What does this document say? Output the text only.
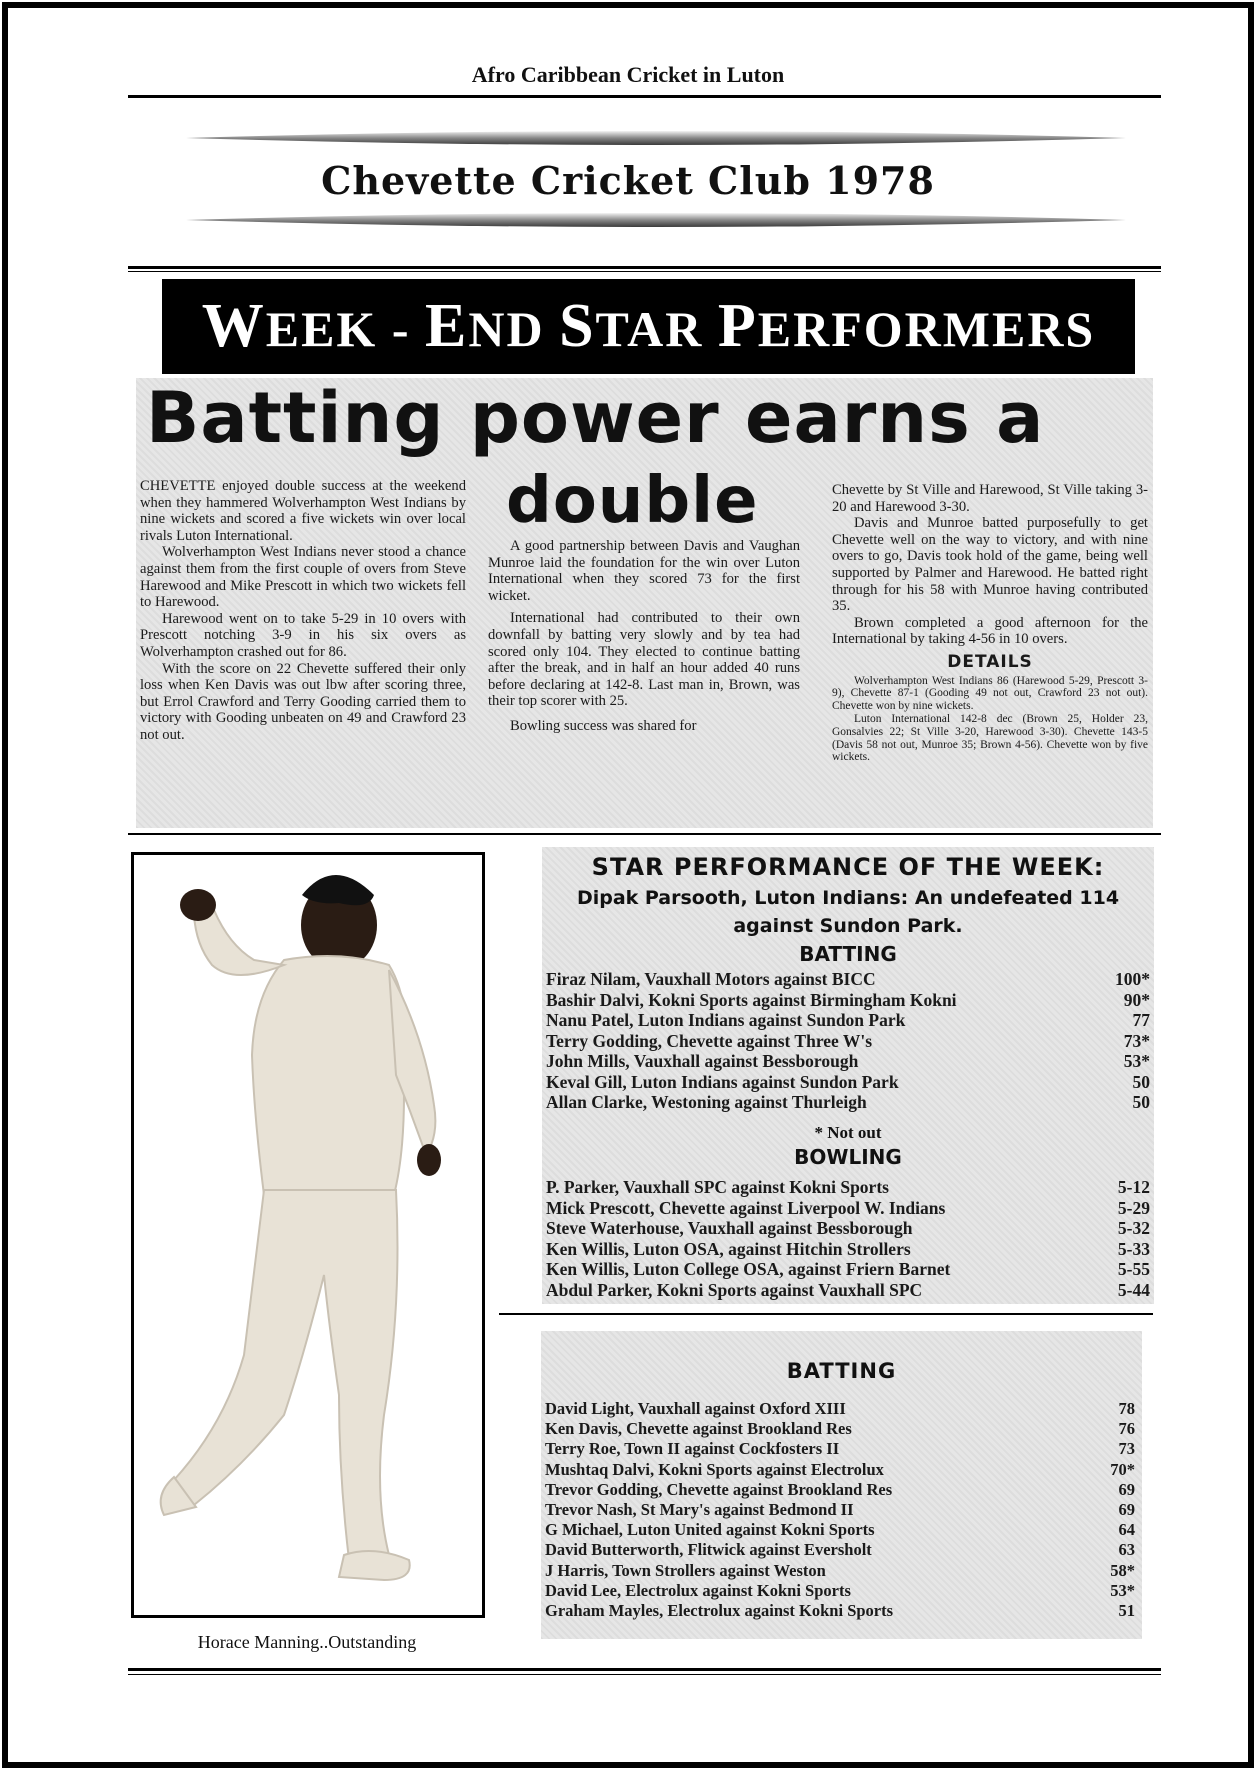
Afro Caribbean Cricket in Luton
Chevette Cricket Club 1978
WEEK - END STAR PERFORMERS
Batting power earns a
double

CHEVETTE enjoyed double success at the weekend when they hammered Wolverhampton West Indians by nine wickets and scored a five wickets win over local rivals Luton International.

Wolverhampton West Indians never stood a chance against them from the first couple of overs from Steve Harewood and Mike Prescott in which two wickets fell to Harewood.

Harewood went on to take 5-29 in 10 overs with Prescott notching 3-9 in his six overs as Wolverhampton crashed out for 86.

With the score on 22 Chevette suffered their only loss when Ken Davis was out lbw after scoring three, but Errol Crawford and Terry Gooding carried them to victory with Gooding unbeaten on 49 and Crawford 23 not out.

A good partnership between Davis and Vaughan Munroe laid the foundation for the win over Luton International when they scored 73 for the first wicket.

International had contributed to their own downfall by batting very slowly and by tea had scored only 104. They elected to continue batting after the break, and in half an hour added 40 runs before declaring at 142-8. Last man in, Brown, was their top scorer with 25.

Bowling success was shared for

Chevette by St Ville and Harewood, St Ville taking 3-20 and Harewood 3-30.

Davis and Munroe batted purposefully to get Chevette well on the way to victory, and with nine overs to go, Davis took hold of the game, being well supported by Palmer and Harewood. He batted right through for his 58 with Munroe having contributed 35.

Brown completed a good afternoon for the International by taking 4-56 in 10 overs.

DETAILS

Wolverhampton West Indians 86 (Harewood 5-29, Prescott 3-9), Chevette 87-1 (Gooding 49 not out, Crawford 23 not out). Chevette won by nine wickets.

Luton International 142-8 dec (Brown 25, Holder 23, Gonsalvies 22; St Ville 3-20, Harewood 3-30). Chevette 143-5 (Davis 58 not out, Munroe 35; Brown 4-56). Chevette won by five wickets.

Horace Manning..Outstanding
STAR PERFORMANCE OF THE WEEK:
Dipak Parsooth, Luton Indians: An undefeated 114
against Sundon Park.
BATTING
Firaz Nilam, Vauxhall Motors against BICC	100*
Bashir Dalvi, Kokni Sports against Birmingham Kokni	90*
Nanu Patel, Luton Indians against Sundon Park	77
Terry Godding, Chevette against Three W's	73*
John Mills, Vauxhall against Bessborough	53*
Keval Gill, Luton Indians against Sundon Park	50
Allan Clarke, Westoning against Thurleigh	50
* Not out
BOWLING
P. Parker, Vauxhall SPC against Kokni Sports	5-12
Mick Prescott, Chevette against Liverpool W. Indians	5-29
Steve Waterhouse, Vauxhall against Bessborough	5-32
Ken Willis, Luton OSA, against Hitchin Strollers	5-33
Ken Willis, Luton College OSA, against Friern Barnet	5-55
Abdul Parker, Kokni Sports against Vauxhall SPC	5-44
BATTING
David Light, Vauxhall against Oxford XIII	78
Ken Davis, Chevette against Brookland Res	76
Terry Roe, Town II against Cockfosters II	73
Mushtaq Dalvi, Kokni Sports against Electrolux	70*
Trevor Godding, Chevette against Brookland Res	69
Trevor Nash, St Mary's against Bedmond II	69
G Michael, Luton United against Kokni Sports	64
David Butterworth, Flitwick against Eversholt	63
J Harris, Town Strollers against Weston	58*
David Lee, Electrolux against Kokni Sports	53*
Graham Mayles, Electrolux against Kokni Sports	51
